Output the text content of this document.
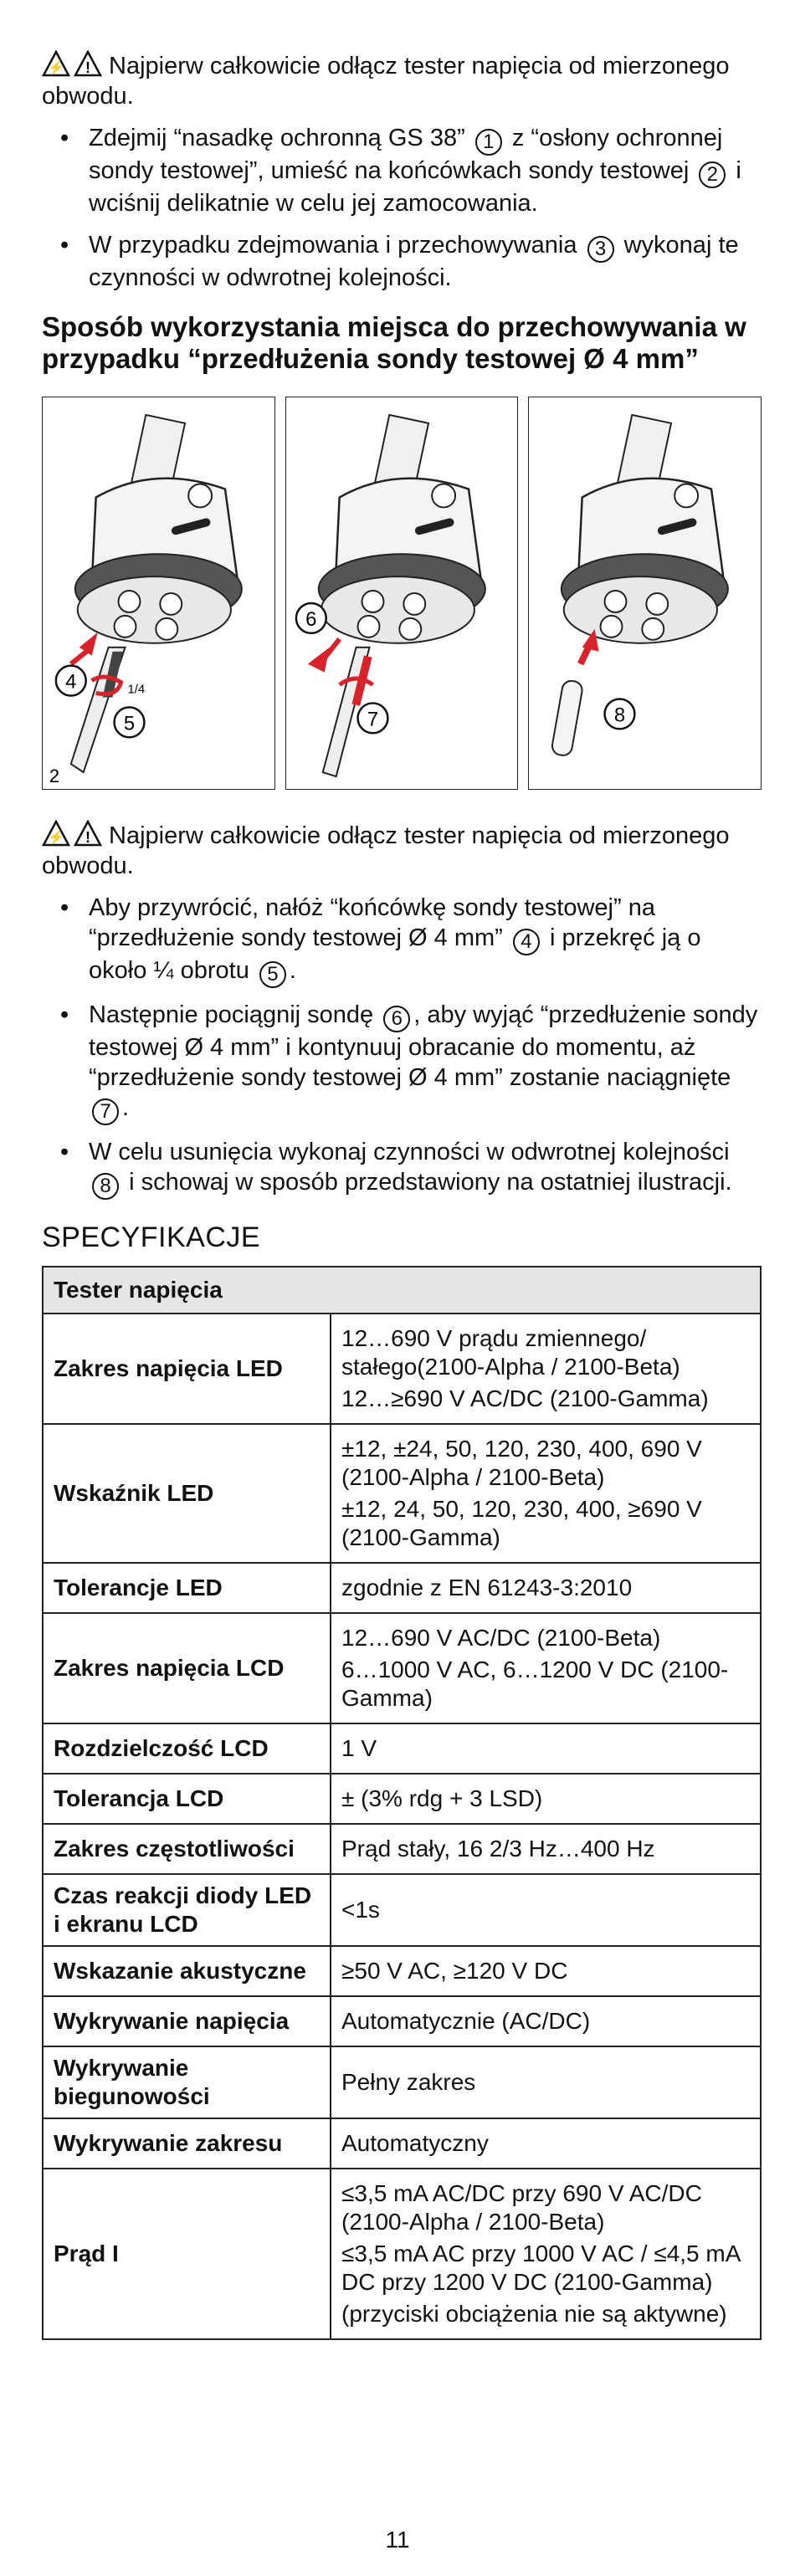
⚡ ! Najpierw całkowicie odłącz tester napięcia od mierzonego obwodu.

• Zdejmij “nasadkę ochronną GS 38” 1 z “osłony ochronnej sondy testowej”, umieść na końcówkach sondy testowej 2 i wciśnij delikatnie w celu jej zamocowania.
• W przypadku zdejmowania i przechowywania 3 wykonaj te czynności w odwrotnej kolejności.
Sposób wykorzystania miejsca do przechowywania w przypadku “przedłużenia sondy testowej Ø 4 mm”
4
5
1/4
2
6
7	8

⚡ ! Najpierw całkowicie odłącz tester napięcia od mierzonego obwodu.

• Aby przywrócić, nałóż “końcówkę sondy testowej” na “przedłużenie sondy testowej Ø 4 mm” 4 i przekręć ją o około ¼ obrotu 5 .
• Następnie pociągnij sondę 6 , aby wyjąć “przedłużenie sondy testowej Ø 4 mm” i kontynuuj obracanie do momentu, aż “przedłużenie sondy testowej Ø 4 mm” zostanie naciągnięte 7 .
• W celu usunięcia wykonaj czynności w odwrotnej kolejności 8 i schowaj w sposób przedstawiony na ostatniej ilustracji.
SPECYFIKACJE
Tester napięcia	
Zakres napięcia LED	12…690 V prądu zmiennego/ stałego(2100-Alpha / 2100-Beta)
12…≥690 V AC/DC (2100-Gamma)

Wskaźnik LED	±12, ±24, 50, 120, 230, 400, 690 V (2100-Alpha / 2100-Beta)
±12, 24, 50, 120, 230, 400, ≥690 V (2100-Gamma)

Tolerancje LED	zgodnie z EN 61243-3:2010

Zakres napięcia LCD	12…690 V AC/DC (2100-Beta)
6…1000 V AC, 6…1200 V DC (2100-Gamma)

Rozdzielczość LCD	1 V

Tolerancja LCD	± (3% rdg + 3 LSD)

Zakres częstotliwości	Prąd stały, 16 2/3 Hz…400 Hz

Czas reakcji diody LED i ekranu LCD	<1s

Wskazanie akustyczne	≥50 V AC, ≥120 V DC

Wykrywanie napięcia	Automatycznie (AC/DC)

Wykrywanie biegunowości	Pełny zakres

Wykrywanie zakresu	Automatyczny

Prąd I	≤3,5 mA AC/DC przy 690 V AC/DC (2100-Alpha / 2100-Beta)
≤3,5 mA AC przy 1000 V AC / ≤4,5 mA DC przy 1200 V DC (2100-Gamma)
(przyciski obciążenia nie są aktywne)
11
